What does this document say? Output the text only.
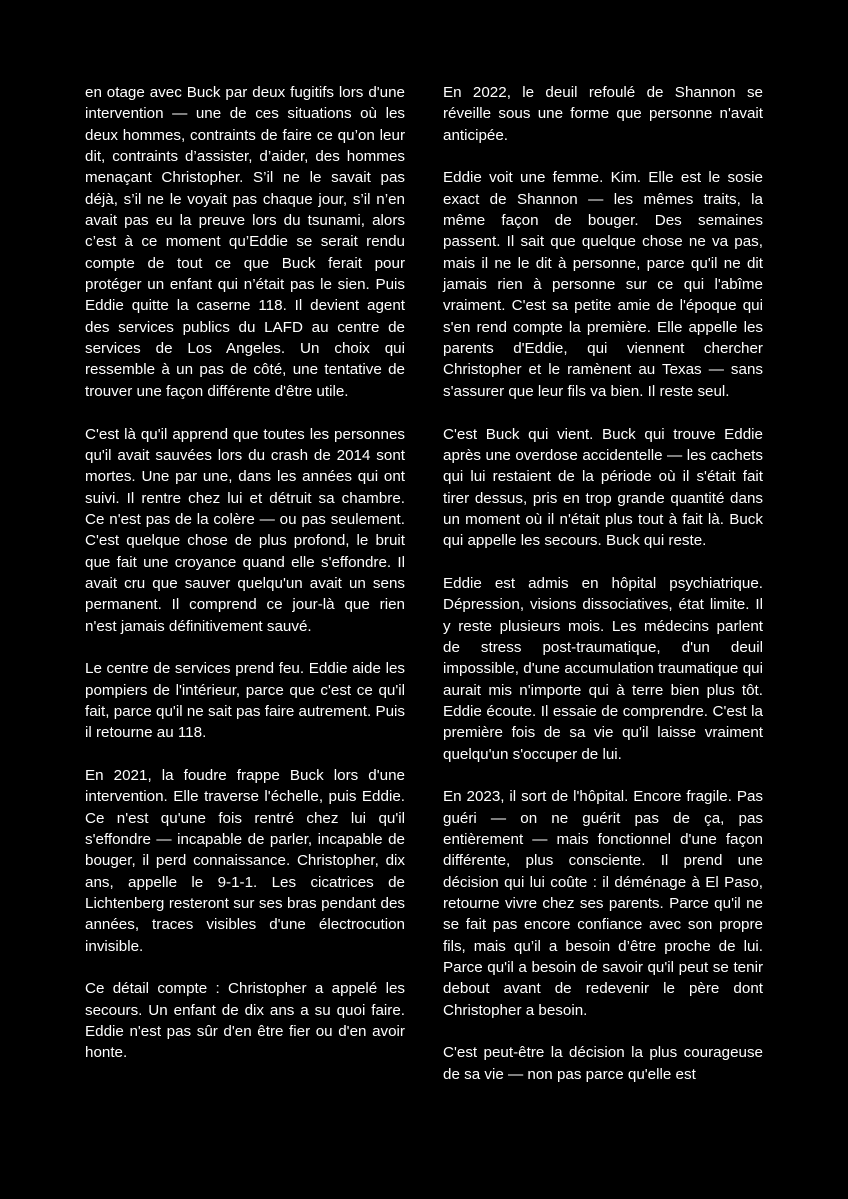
en otage avec Buck par deux fugitifs lors d'une intervention — une de ces situations où les deux hommes, contraints de faire ce qu’on leur dit, contraints d’assister, d’aider, des hommes menaçant Christopher. S’il ne le savait pas déjà, s’il ne le voyait pas chaque jour, s’il n’en avait pas eu la preuve lors du tsunami, alors c’est à ce moment qu’Eddie se serait rendu compte de tout ce que Buck ferait pour protéger un enfant qui n’était pas le sien. Puis Eddie quitte la caserne 118. Il devient agent des services publics du LAFD au centre de services de Los Angeles. Un choix qui ressemble à un pas de côté, une tentative de trouver une façon différente d'être utile.

C'est là qu'il apprend que toutes les personnes qu'il avait sauvées lors du crash de 2014 sont mortes. Une par une, dans les années qui ont suivi. Il rentre chez lui et détruit sa chambre. Ce n'est pas de la colère — ou pas seulement. C'est quelque chose de plus profond, le bruit que fait une croyance quand elle s'effondre. Il avait cru que sauver quelqu'un avait un sens permanent. Il comprend ce jour-là que rien n'est jamais définitivement sauvé.

Le centre de services prend feu. Eddie aide les pompiers de l'intérieur, parce que c'est ce qu'il fait, parce qu'il ne sait pas faire autrement. Puis il retourne au 118.

En 2021, la foudre frappe Buck lors d'une intervention. Elle traverse l'échelle, puis Eddie. Ce n'est qu'une fois rentré chez lui qu'il s'effondre — incapable de parler, incapable de bouger, il perd connaissance. Christopher, dix ans, appelle le 9-1-1. Les cicatrices de Lichtenberg resteront sur ses bras pendant des années, traces visibles d'une électrocution invisible.

Ce détail compte : Christopher a appelé les secours. Un enfant de dix ans a su quoi faire. Eddie n'est pas sûr d'en être fier ou d'en avoir honte.

En 2022, le deuil refoulé de Shannon se réveille sous une forme que personne n'avait anticipée.

Eddie voit une femme. Kim. Elle est le sosie exact de Shannon — les mêmes traits, la même façon de bouger. Des semaines passent. Il sait que quelque chose ne va pas, mais il ne le dit à personne, parce qu'il ne dit jamais rien à personne sur ce qui l'abîme vraiment. C'est sa petite amie de l'époque qui s'en rend compte la première. Elle appelle les parents d'Eddie, qui viennent chercher Christopher et le ramènent au Texas — sans s'assurer que leur fils va bien. Il reste seul.

C'est Buck qui vient. Buck qui trouve Eddie après une overdose accidentelle — les cachets qui lui restaient de la période où il s'était fait tirer dessus, pris en trop grande quantité dans un moment où il n'était plus tout à fait là. Buck qui appelle les secours. Buck qui reste.

Eddie est admis en hôpital psychiatrique. Dépression, visions dissociatives, état limite. Il y reste plusieurs mois. Les médecins parlent de stress post-traumatique, d'un deuil impossible, d'une accumulation traumatique qui aurait mis n'importe qui à terre bien plus tôt. Eddie écoute. Il essaie de comprendre. C'est la première fois de sa vie qu'il laisse vraiment quelqu'un s'occuper de lui.

En 2023, il sort de l'hôpital. Encore fragile. Pas guéri — on ne guérit pas de ça, pas entièrement — mais fonctionnel d'une façon différente, plus consciente. Il prend une décision qui lui coûte : il déménage à El Paso, retourne vivre chez ses parents. Parce qu'il ne se fait pas encore confiance avec son propre fils, mais qu’il a besoin d’être proche de lui. Parce qu'il a besoin de savoir qu'il peut se tenir debout avant de redevenir le père dont Christopher a besoin.

C'est peut-être la décision la plus courageuse de sa vie — non pas parce qu'elle est
